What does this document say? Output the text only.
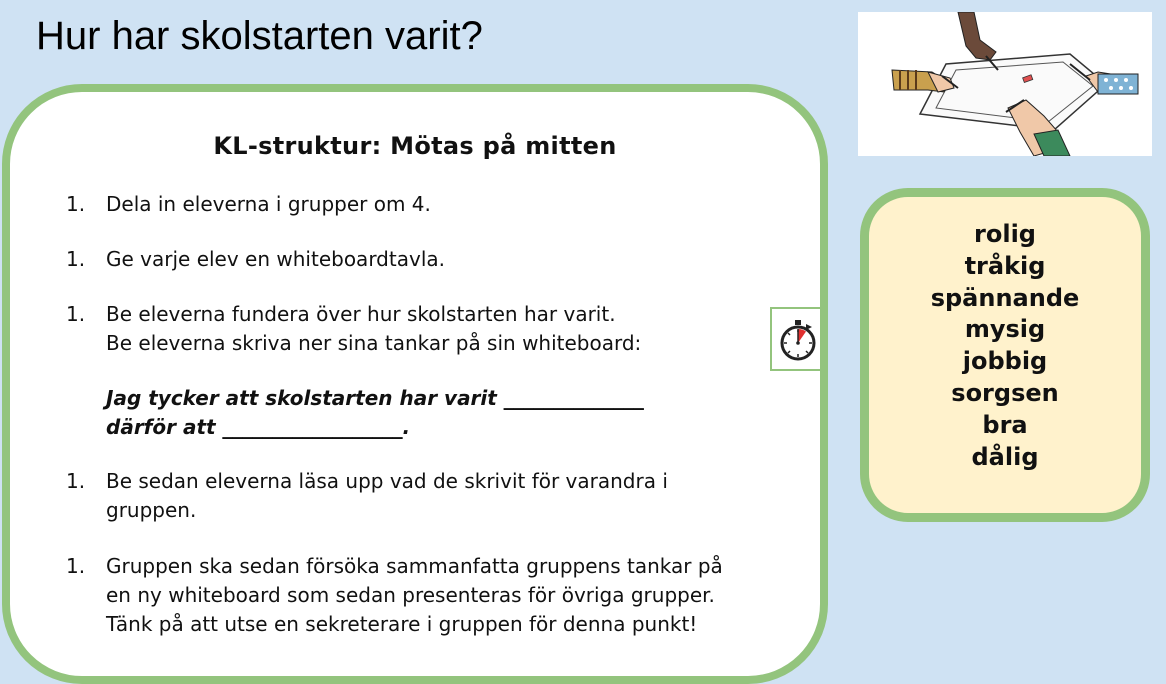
Hur har skolstarten varit?
KL-struktur: Mötas på mitten
1. Dela in eleverna i grupper om 4.
1. Ge varje elev en whiteboardtavla.
1. Be eleverna fundera över hur skolstarten har varit.
Be eleverna skriva ner sina tankar på sin whiteboard:
Jag tycker att skolstarten har varit ______________
därför att __________________.
1. Be sedan eleverna läsa upp vad de skrivit för varandra i
gruppen.
1. Gruppen ska sedan försöka sammanfatta gruppens tankar på
en ny whiteboard som sedan presenteras för övriga grupper.
Tänk på att utse en sekreterare i gruppen för denna punkt!
rolig
tråkig
spännande
mysig
jobbig
sorgsen
bra
dålig
